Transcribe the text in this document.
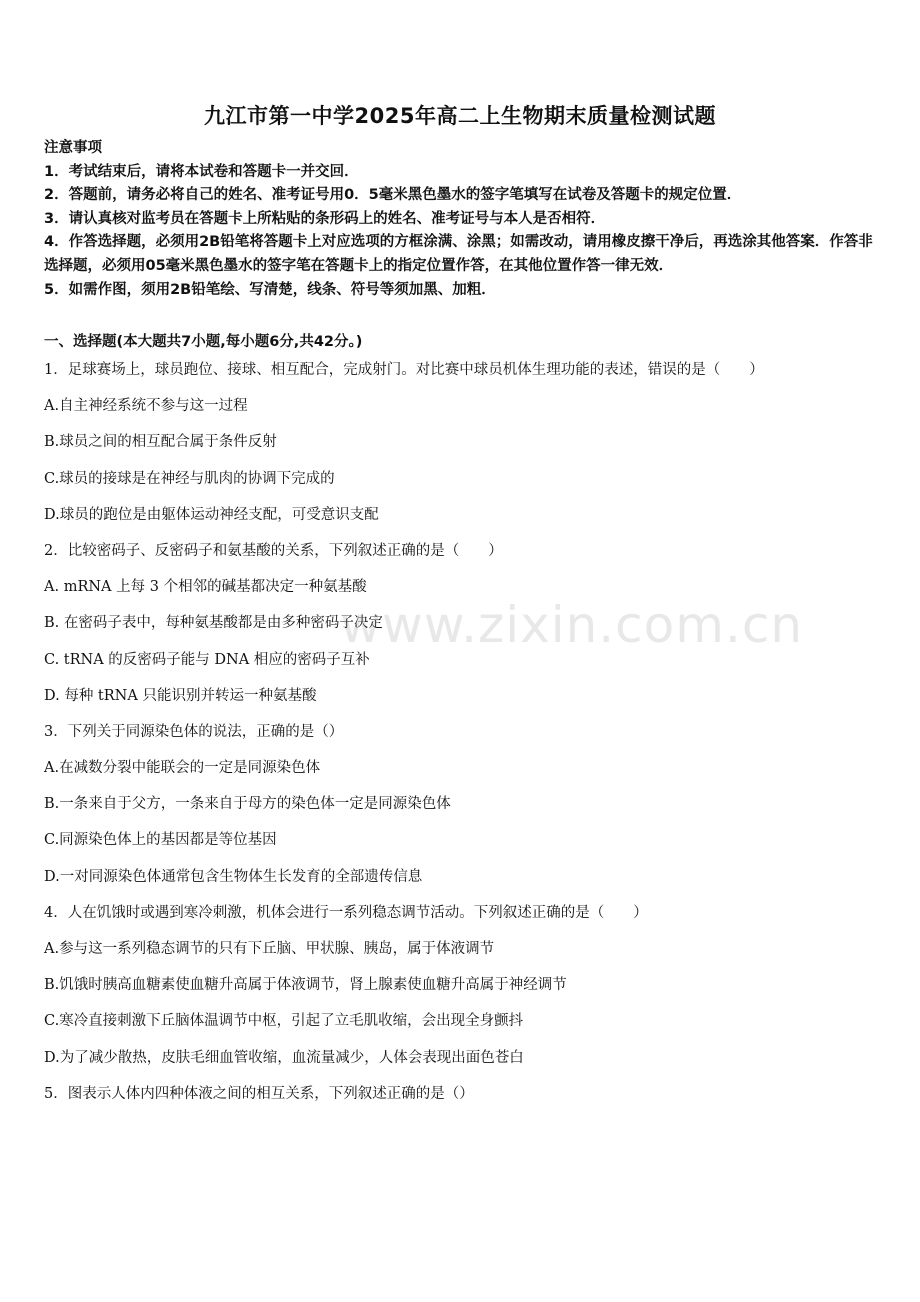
九江市第一中学2025年高二上生物期末质量检测试题

注意事项

1．考试结束后，请将本试卷和答题卡一并交回．

2．答题前，请务必将自己的姓名、准考证号用0．5毫米黑色墨水的签字笔填写在试卷及答题卡的规定位置．

3．请认真核对监考员在答题卡上所粘贴的条形码上的姓名、准考证号与本人是否相符．

4．作答选择题，必须用2B铅笔将答题卡上对应选项的方框涂满、涂黑；如需改动，请用橡皮擦干净后，再选涂其他答案．作答非选择题，必须用05毫米黑色墨水的签字笔在答题卡上的指定位置作答，在其他位置作答一律无效．

5．如需作图，须用2B铅笔绘、写清楚，线条、符号等须加黑、加粗．

一、选择题(本大题共7小题,每小题6分,共42分。)

1．足球赛场上，球员跑位、接球、相互配合，完成射门。对比赛中球员机体生理功能的表述，错误的是（　　）
A.自主神经系统不参与这一过程
B.球员之间的相互配合属于条件反射
C.球员的接球是在神经与肌肉的协调下完成的
D.球员的跑位是由躯体运动神经支配，可受意识支配
2．比较密码子、反密码子和氨基酸的关系，下列叙述正确的是（　　）
A. mRNA 上每 3 个相邻的碱基都决定一种氨基酸
B. 在密码子表中，每种氨基酸都是由多种密码子决定
C. tRNA 的反密码子能与 DNA 相应的密码子互补
D. 每种 tRNA 只能识别并转运一种氨基酸
3．下列关于同源染色体的说法，正确的是（）
A.在减数分裂中能联会的一定是同源染色体
B.一条来自于父方，一条来自于母方的染色体一定是同源染色体
C.同源染色体上的基因都是等位基因
D.一对同源染色体通常包含生物体生长发育的全部遗传信息
4．人在饥饿时或遇到寒冷刺激，机体会进行一系列稳态调节活动。下列叙述正确的是（　　）
A.参与这一系列稳态调节的只有下丘脑、甲状腺、胰岛，属于体液调节
B.饥饿时胰高血糖素使血糖升高属于体液调节，肾上腺素使血糖升高属于神经调节
C.寒冷直接刺激下丘脑体温调节中枢，引起了立毛肌收缩，会出现全身颤抖
D.为了减少散热，皮肤毛细血管收缩，血流量减少，人体会表现出面色苍白
5．图表示人体内四种体液之间的相互关系，下列叙述正确的是（）
www.zixin.com.cn
